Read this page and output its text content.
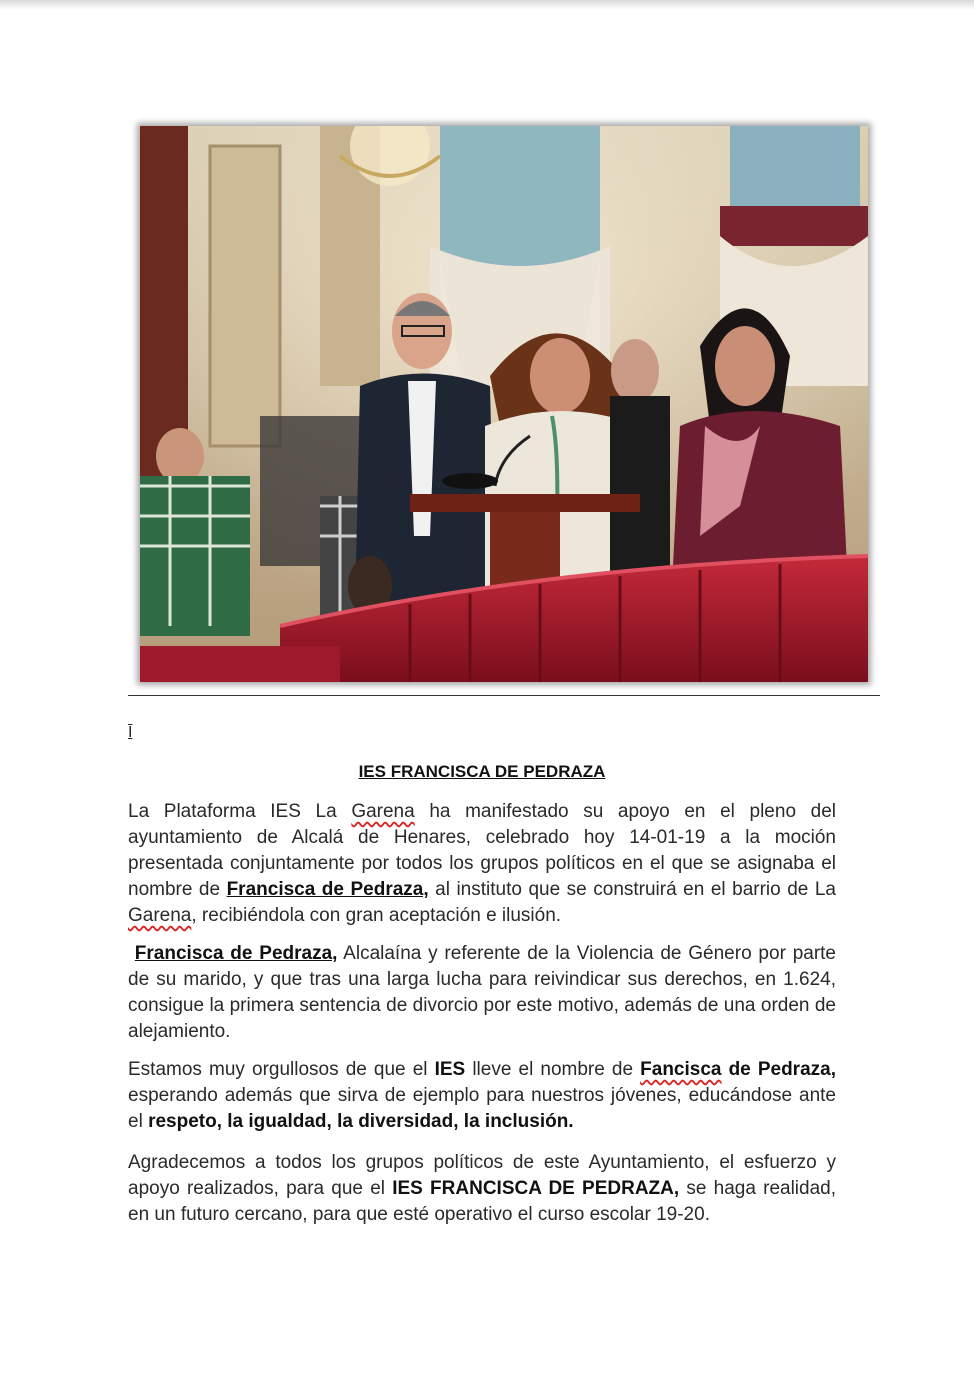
Ī
IES FRANCISCA DE PEDRAZA
La Plataforma IES La Garena ha manifestado su apoyo en el pleno del ayuntamiento de Alcalá de Henares, celebrado hoy 14-01-19 a la moción presentada conjuntamente por todos los grupos políticos en el que se asignaba el nombre de Francisca de Pedraza, al instituto que se construirá en el barrio de La Garena, recibiéndola con gran aceptación e ilusión.
Francisca de Pedraza, Alcalaína y referente de la Violencia de Género por parte de su marido, y que tras una larga lucha para reivindicar sus derechos, en 1.624, consigue la primera sentencia de divorcio por este motivo, además de una orden de alejamiento.
Estamos muy orgullosos de que el IES lleve el nombre de Fancisca de Pedraza, esperando además que sirva de ejemplo para nuestros jóvenes, educándose ante el respeto, la igualdad, la diversidad, la inclusión.
Agradecemos a todos los grupos políticos de este Ayuntamiento, el esfuerzo y apoyo realizados, para que el IES FRANCISCA DE PEDRAZA, se haga realidad, en un futuro cercano, para que esté operativo el curso escolar 19-20.
